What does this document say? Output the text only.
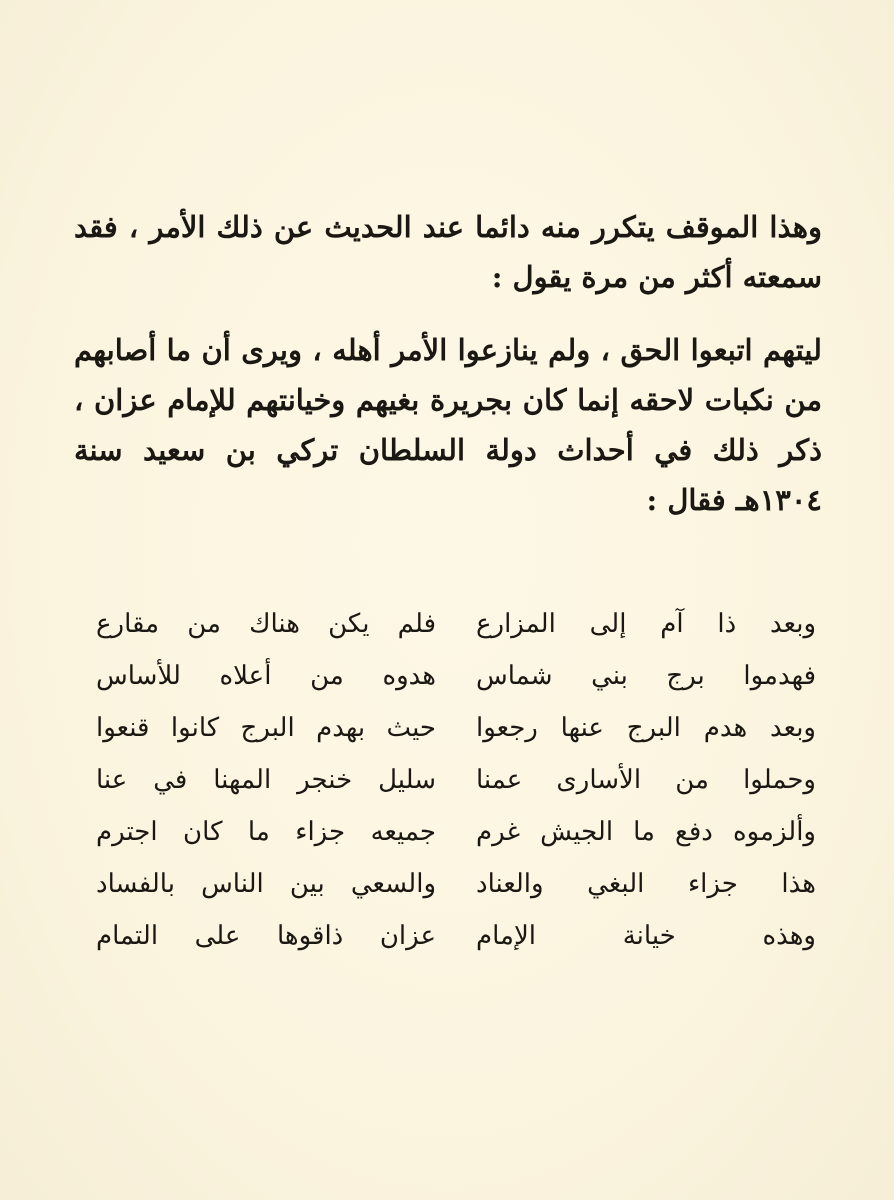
وهذا الموقف يتكرر منه دائما عند الحديث عن ذلك الأمر ، فقد سمعته أكثر من مرة يقول :

ليتهم اتبعوا الحق ، ولم ينازعوا الأمر أهله ، ويرى أن ما أصابهم من نكبات لاحقه إنما كان بجريرة بغيهم وخيانتهم للإمام عزان ، ذكر ذلك في أحداث دولة السلطان تركي بن سعيد سنة ١٣٠٤هـ فقال :

وبعد ذا آم إلى المزارع
فلم يكن هناك من مقارع
فهدموا برج بني شماس
هدوه من أعلاه للأساس
وبعد هدم البرج عنها رجعوا
حيث بهدم البرج كانوا قنعوا
وحملوا من الأسارى عمنا
سليل خنجر المهنا في عنا
وألزموه دفع ما الجيش غرم
جميعه جزاء ما كان اجترم
هذا جزاء البغي والعناد
والسعي بين الناس بالفساد
وهذه خيانة الإمام
عزان ذاقوها على التمام
